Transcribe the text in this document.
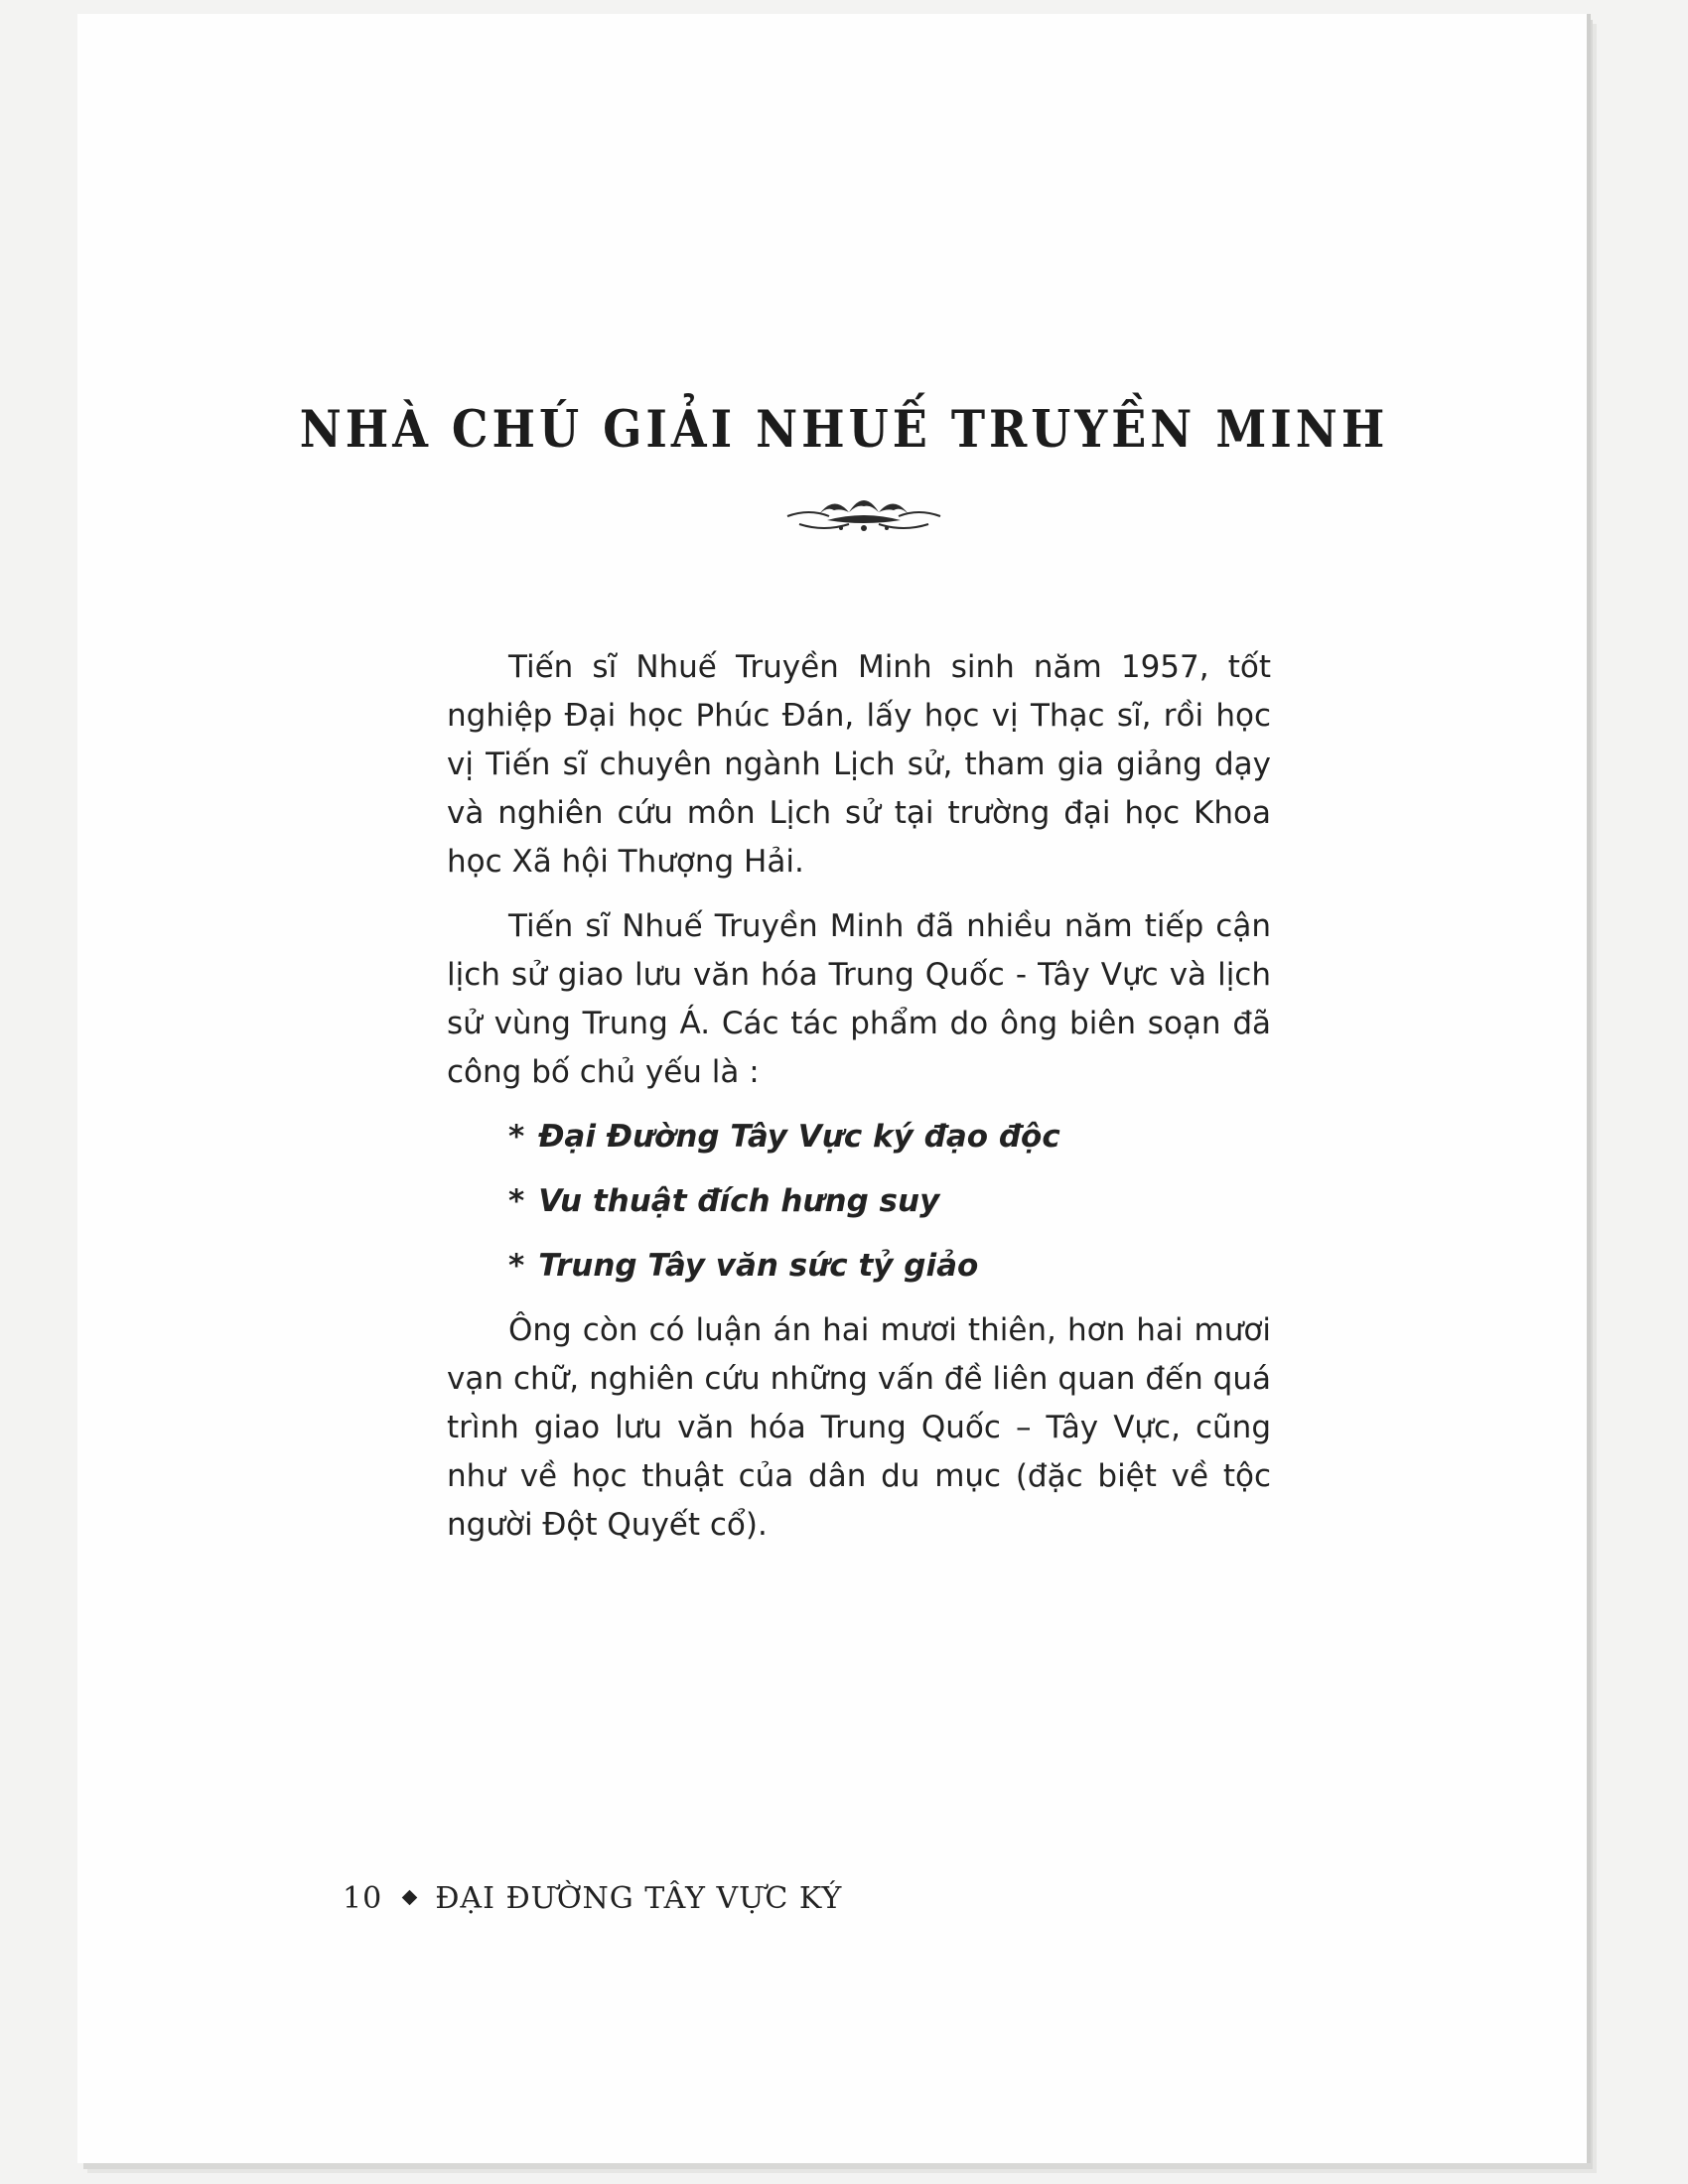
NHÀ CHÚ GIẢI NHUẾ TRUYỀN MINH

Tiến sĩ Nhuế Truyền Minh sinh năm 1957, tốt nghiệp Đại học Phúc Đán, lấy học vị Thạc sĩ, rồi học vị Tiến sĩ chuyên ngành Lịch sử, tham gia giảng dạy và nghiên cứu môn Lịch sử tại trường đại học Khoa học Xã hội Thượng Hải.

Tiến sĩ Nhuế Truyền Minh đã nhiều năm tiếp cận lịch sử giao lưu văn hóa Trung Quốc - Tây Vực và lịch sử vùng Trung Á. Các tác phẩm do ông biên soạn đã công bố chủ yếu là :

* Đại Đường Tây Vực ký đạo độc
* Vu thuật đích hưng suy
* Trung Tây văn sức tỷ giảo

Ông còn có luận án hai mươi thiên, hơn hai mươi vạn chữ, nghiên cứu những vấn đề liên quan đến quá trình giao lưu văn hóa Trung Quốc – Tây Vực, cũng như về học thuật của dân du mục (đặc biệt về tộc người Đột Quyết cổ).

10 ĐẠI ĐƯỜNG TÂY VỰC KÝ
